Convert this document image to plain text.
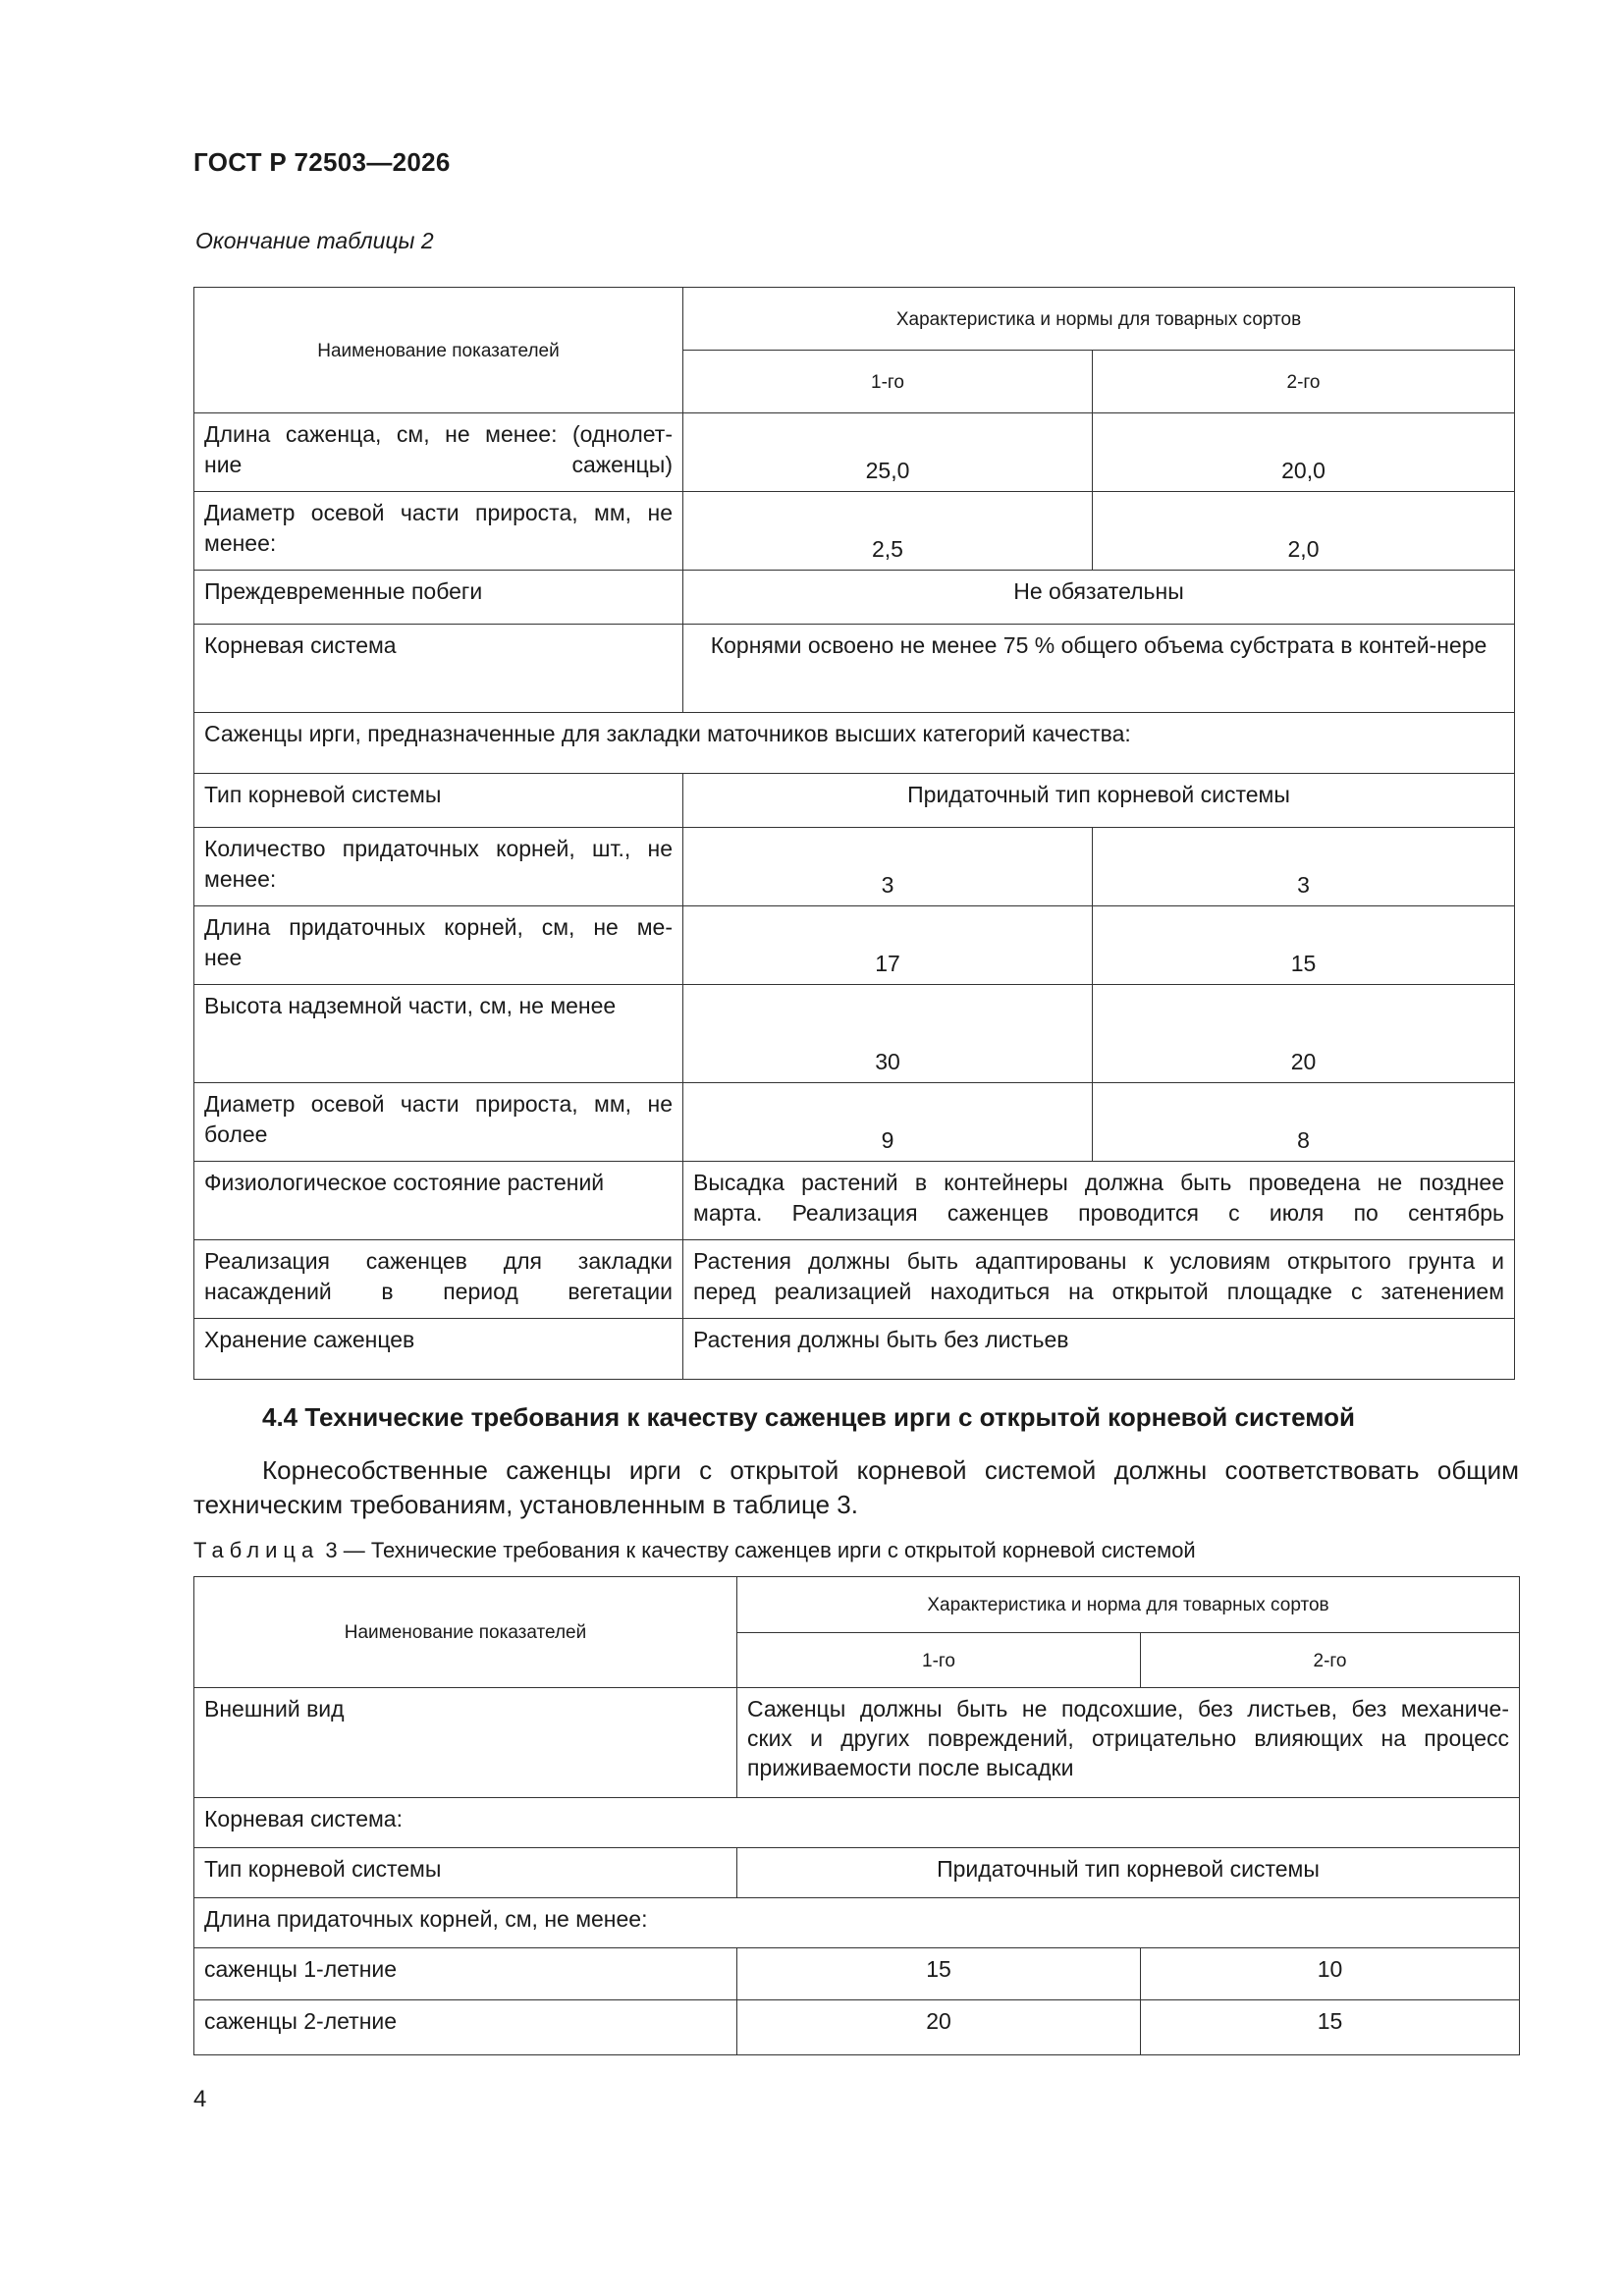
ГОСТ Р 72503—2026
Окончание таблицы 2
Наименование показателей	Характеристика и нормы для товарных сортов	
	1-го	2-го
Длина саженца, см, не менее: (однолет-
ние саженцы)	25,0	20,0
Диаметр осевой части прироста, мм, не
менее:	2,5	2,0
Преждевременные побеги	Не обязательны	
Корневая система	Корнями освоено не менее 75 % общего объема субстрата в контей-нере	
Саженцы ирги, предназначенные для закладки маточников высших категорий качества:		
Тип корневой системы	Придаточный тип корневой системы	
Количество придаточных корней, шт., не
менее:	3	3
Длина придаточных корней, см, не ме-
нее	17	15
Высота надземной части, см, не менее	30	20
Диаметр осевой части прироста, мм, не
более	9	8
Физиологическое состояние растений	Высадка растений в контейнеры должна быть проведена не позднее
марта. Реализация саженцев проводится с июля по сентябрь	
Реализация саженцев для закладки
насаждений в период вегетации	Растения должны быть адаптированы к условиям открытого грунта и
перед реализацией находиться на открытой площадке с затенением	
Хранение саженцев	Растения должны быть без листьев	
4.4 Технические требования к качеству саженцев ирги с открытой корневой системой
Корнесобственные саженцы ирги с открытой корневой системой должны соответствовать общим техническим требованиям, установленным в таблице 3.
Таблица 3 — Технические требования к качеству саженцев ирги с открытой корневой системой
Наименование показателей	Характеристика и норма для товарных сортов	
	1-го	2-го
Внешний вид	Саженцы должны быть не подсохшие, без листьев, без механиче-
ских и других повреждений, отрицательно влияющих на процесс
приживаемости после высадки	

Корневая система:		
Тип корневой системы	Придаточный тип корневой системы	
Длина придаточных корней, см, не менее:		
саженцы 1-летние	15	10
саженцы 2-летние	20	15
4
